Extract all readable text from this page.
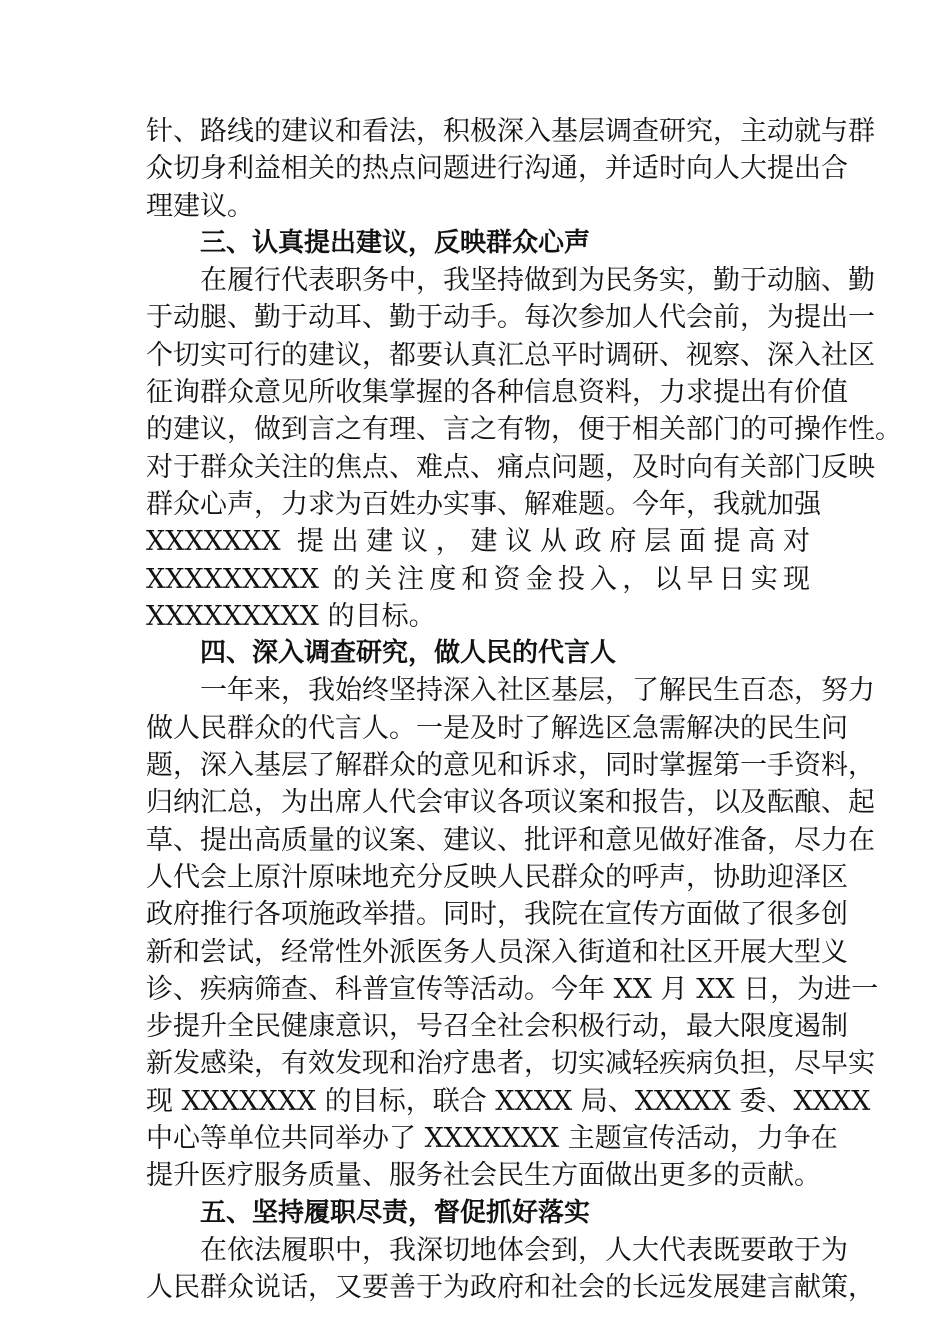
针、路线的建议和看法，积极深入基层调查研究，主动就与群
众切身利益相关的热点问题进行沟通，并适时向人大提出合
理建议。
三、认真提出建议，反映群众心声
在履行代表职务中，我坚持做到为民务实，勤于动脑、勤
于动腿、勤于动耳、勤于动手。每次参加人代会前，为提出一
个切实可行的建议，都要认真汇总平时调研、视察、深入社区
征询群众意见所收集掌握的各种信息资料，力求提出有价值
的建议，做到言之有理、言之有物，便于相关部门的可操作性。
对于群众关注的焦点、难点、痛点问题，及时向有关部门反映
群众心声，力求为百姓办实事、解难题。今年，我就加强
XXXXXXX 提出建议，建议从政府层面提高对
XXXXXXXXX 的关注度和资金投入，以早日实现
XXXXXXXXX 的目标。
四、深入调查研究，做人民的代言人
一年来，我始终坚持深入社区基层，了解民生百态，努力
做人民群众的代言人。一是及时了解选区急需解决的民生问
题，深入基层了解群众的意见和诉求，同时掌握第一手资料，
归纳汇总，为出席人代会审议各项议案和报告，以及酝酿、起
草、提出高质量的议案、建议、批评和意见做好准备，尽力在
人代会上原汁原味地充分反映人民群众的呼声，协助迎泽区
政府推行各项施政举措。同时，我院在宣传方面做了很多创
新和尝试，经常性外派医务人员深入街道和社区开展大型义
诊、疾病筛查、科普宣传等活动。今年 XX 月 XX 日，为进一
步提升全民健康意识，号召全社会积极行动，最大限度遏制
新发感染，有效发现和治疗患者，切实减轻疾病负担，尽早实
现 XXXXXXX 的目标，联合 XXXX 局、XXXXX 委、XXXX
中心等单位共同举办了 XXXXXXX 主题宣传活动，力争在
提升医疗服务质量、服务社会民生方面做出更多的贡献。
五、坚持履职尽责，督促抓好落实
在依法履职中，我深切地体会到，人大代表既要敢于为
人民群众说话，又要善于为政府和社会的长远发展建言献策，
